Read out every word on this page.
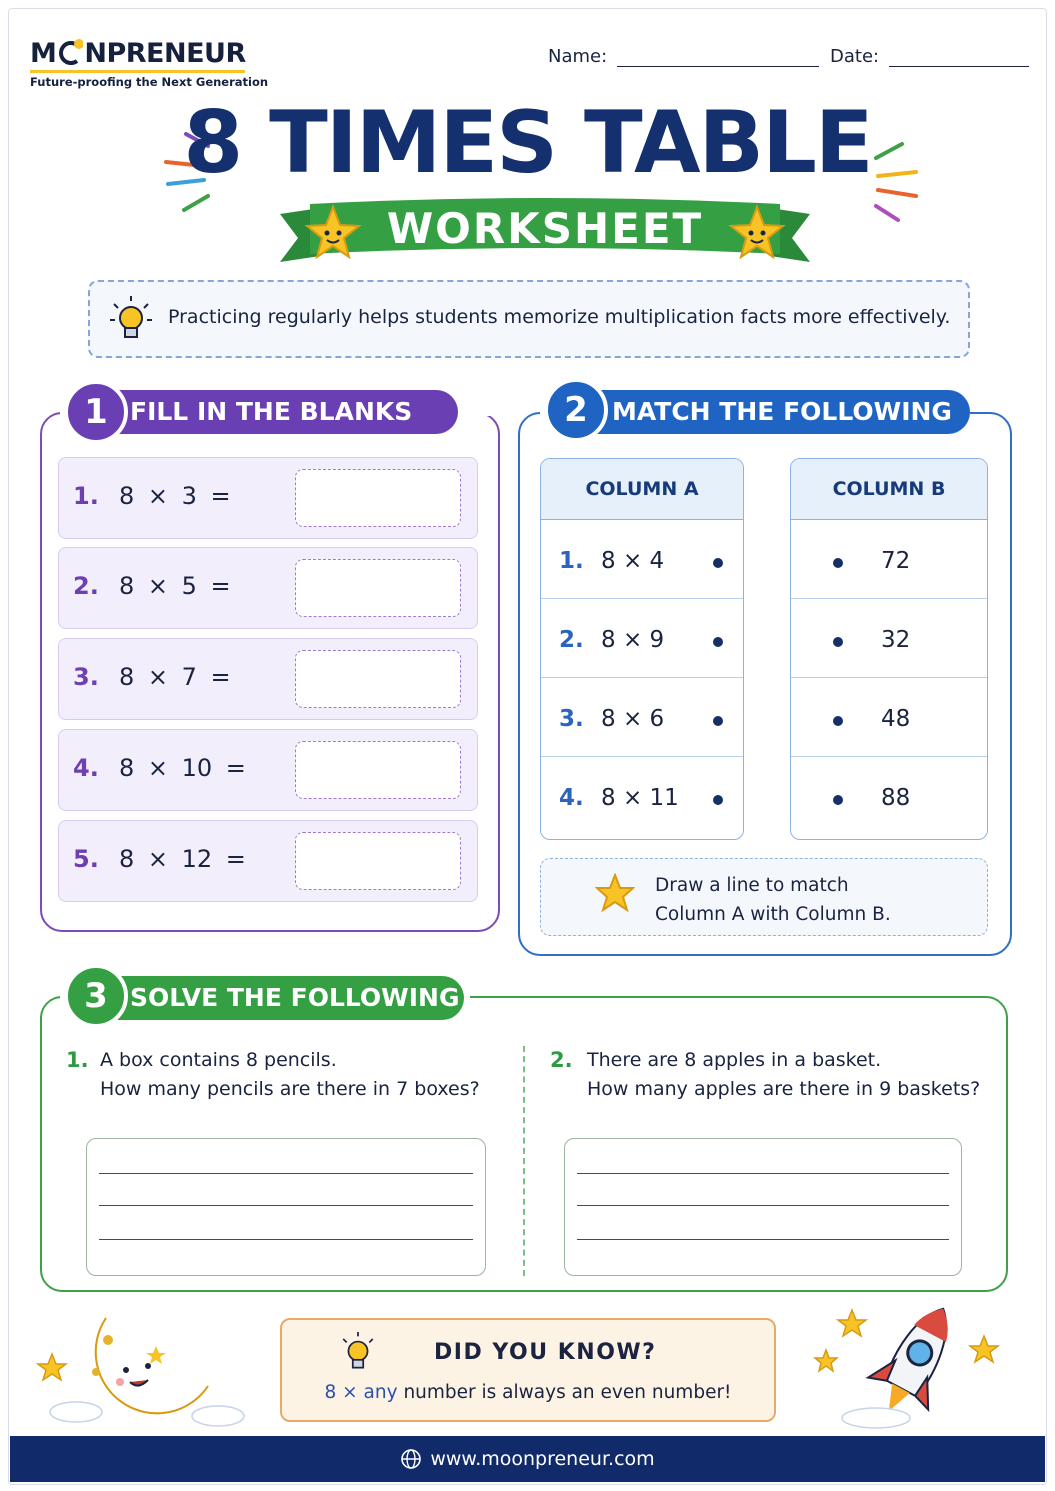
M NPRENEUR
Future-proofing the Next Generation
Name:	Date:
8 TIMES TABLE
WORKSHEET
Practicing regularly helps students memorize multiplication facts more effectively.
FILL IN THE BLANKS
1
1. 8 × 3 =
2. 8 × 5 =
3. 8 × 7 =
4. 8 × 10 =
5. 8 × 12 =
MATCH THE FOLLOWING
2
COLUMN A
1. 8 × 4
2. 8 × 9
3. 8 × 6
4. 8 × 11
COLUMN B
72
32
48
88
Draw a line to match
Column A with Column B.
SOLVE THE FOLLOWING
3
1. A box contains 8 pencils.
How many pencils are there in 7 boxes?
2. There are 8 apples in a basket.
How many apples are there in 9 baskets?
DID YOU KNOW?
8 × any number is always an even number!
www.moonpreneur.com
